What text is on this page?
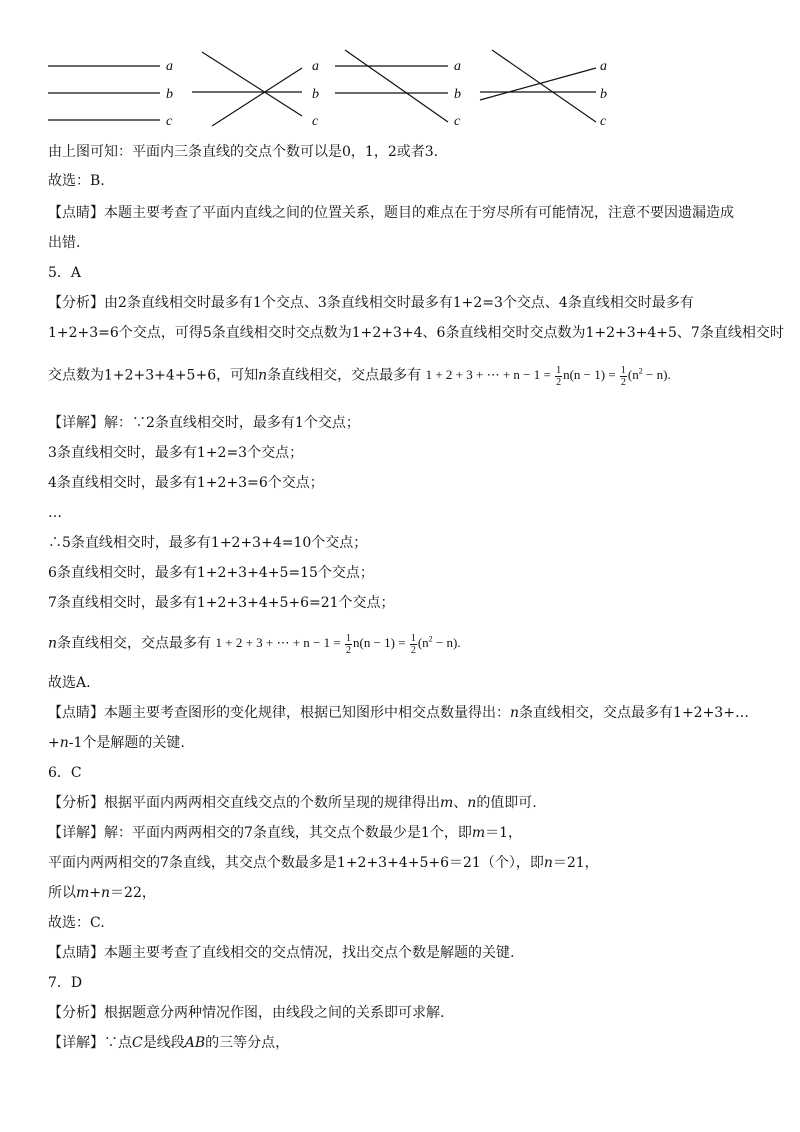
a
b
c
a
b
c
a
b
c
a
b
c
由上图可知：平面内三条直线的交点个数可以是0，1，2或者3.
故选：B.
【点睛】本题主要考查了平面内直线之间的位置关系，题目的难点在于穷尽所有可能情况，注意不要因遗漏造成
出错.
5．A
【分析】由2条直线相交时最多有1个交点、3条直线相交时最多有1+2=3个交点、4条直线相交时最多有
1+2+3=6个交点，可得5条直线相交时交点数为1+2+3+4、6条直线相交时交点数为1+2+3+4+5、7条直线相交时
交点数为1+2+3+4+5+6，可知n条直线相交，交点最多有 1 + 2 + 3 + ⋯ + $n - 1 = \frac{1}{2} n(n - 1) = \frac{1}{2} (n^2 - n)$.
【详解】解：∵2条直线相交时，最多有1个交点；
3条直线相交时，最多有1+2=3个交点；
4条直线相交时，最多有1+2+3=6个交点；
…
∴5条直线相交时，最多有1+2+3+4=10个交点；
6条直线相交时，最多有1+2+3+4+5=15个交点；
7条直线相交时，最多有1+2+3+4+5+6=21个交点；
n条直线相交，交点最多有 1 + 2 + 3 + ⋯ + $n - 1 = \frac{1}{2} n(n - 1) = \frac{1}{2} (n^2 - n)$.
故选A.
【点睛】本题主要考查图形的变化规律，根据已知图形中相交点数量得出：n条直线相交，交点最多有1+2+3+…
+n-1个是解题的关键.
6．C
【分析】根据平面内两两相交直线交点的个数所呈现的规律得出m、n的值即可.
【详解】解：平面内两两相交的7条直线，其交点个数最少是1个，即m＝1，
平面内两两相交的7条直线，其交点个数最多是1+2+3+4+5+6＝21（个），即n＝21，
所以m+n＝22，
故选：C.
【点睛】本题主要考查了直线相交的交点情况，找出交点个数是解题的关键.
7．D
【分析】根据题意分两种情况作图，由线段之间的关系即可求解.
【详解】∵点C是线段AB的三等分点，
